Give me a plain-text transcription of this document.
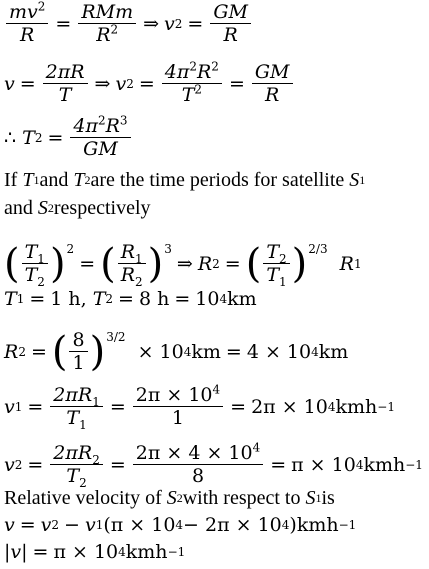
$\frac{mv^2}{R} = \frac{\text{RMm}}{R^2}$ ⇒ v $2 = \frac{GM}{R}$
$v = \frac{2\pi R}{T}$ ⇒ v $2 = \frac{4\pi^2R^2}{T^2} = \frac{GM}{R}$
∴
T $2 = \frac{4\pi^2R^3}{GM}$
If
T 1 and
T 2 are the time periods for satellite
S 1
and
S 2 respectively
( $\frac{T_1}{T_2}$ ) 2
= ( $\frac{R_1}{R_2}$ ) 3
⇒ R 2 = ( $\frac{T_2}{T_1}$ ) 2/3

R 1
T 1 = 1 h,
T 2 = 8 h = 10 4 km
R 2 = ( $\frac{8}{1}$ ) 3/2

× 10 4 km = 4 × 10 4 km
v $1 = \frac{2\pi R_1}{T_1} = \frac{2\pi \times 10^4}{1} = 2\pi \times 10$ 4 kmh −1
v $2 = \frac{2\pi R_2}{T_2} = \frac{2\pi \times 4 \times 10^4}{8} = \pi \times 10$ 4 kmh −1
Relative velocity of
S 2 with respect to
S 1 is
v = v 2 − v 1 (π × 10 4 − 2π × 10 4 ) kmh −1
|v| = π × 10 4 kmh −1
